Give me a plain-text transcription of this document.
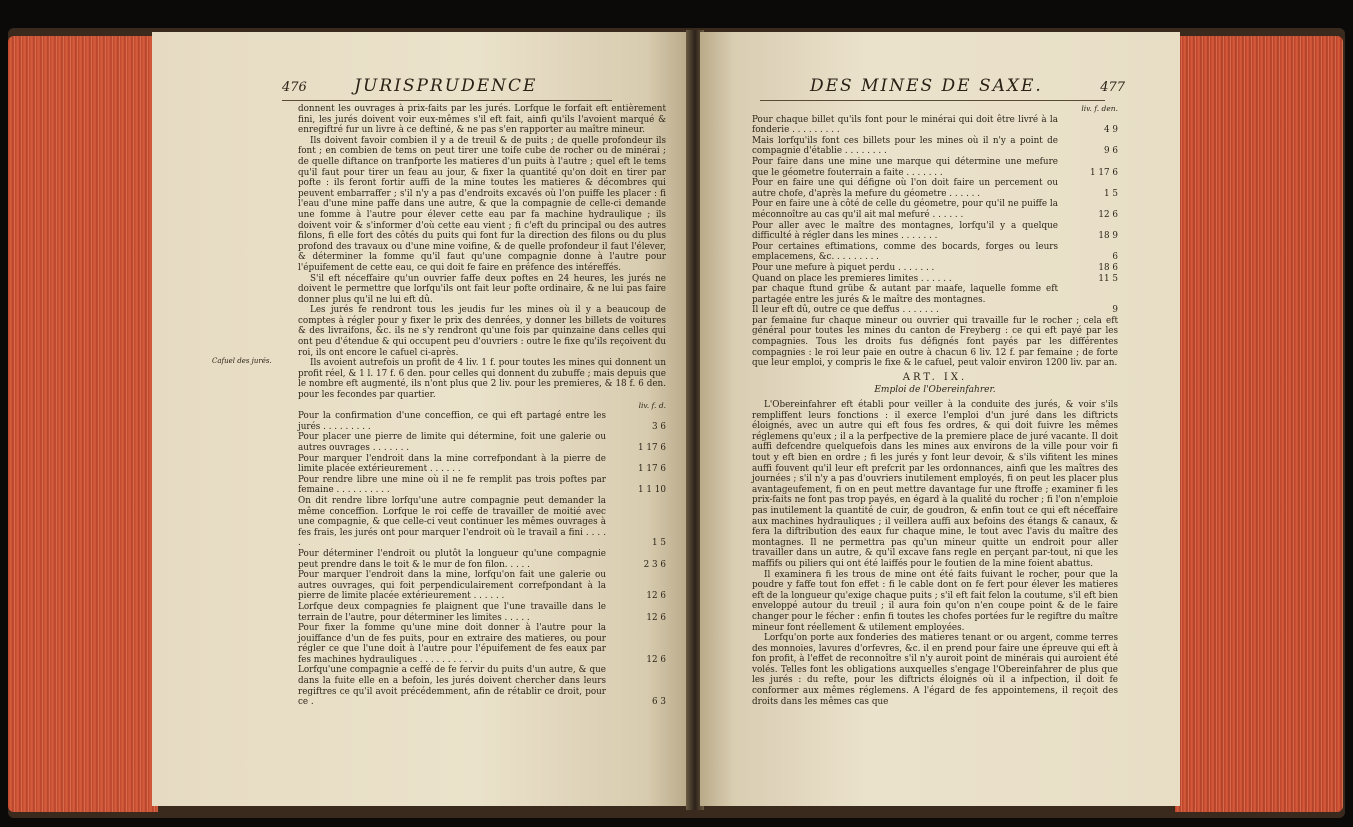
476	JURISPRUDENCE

donnent les ouvrages à prix-faits par les jurés. Lorfque le forfait eft entièrement fini, les jurés doivent voir eux-mêmes s'il eft fait, ainfi qu'ils l'avoient marqué & enregiftré fur un livre à ce deftiné, & ne pas s'en rapporter au maître mineur.

Ils doivent favoir combien il y a de treuil & de puits ; de quelle profondeur ils font ; en combien de tems on peut tirer une toife cube de rocher ou de minérai ; de quelle diftance on tranfporte les matieres d'un puits à l'autre ; quel eft le tems qu'il faut pour tirer un feau au jour, & fixer la quantité qu'on doit en tirer par pofte : ils feront fortir auffi de la mine toutes les matieres & décombres qui peuvent embarraffer ; s'il n'y a pas d'endroits excavés où l'on puiffe les placer : fi l'eau d'une mine paffe dans une autre, & que la compagnie de celle-ci demande une fomme à l'autre pour élever cette eau par fa machine hydraulique ; ils doivent voir & s'informer d'où cette eau vient ; fi c'eft du principal ou des autres filons, fi elle fort des côtés du puits qui font fur la direction des filons ou du plus profond des travaux ou d'une mine voifine, & de quelle profondeur il faut l'élever, & déterminer la fomme qu'il faut qu'une compagnie donne à l'autre pour l'épuifement de cette eau, ce qui doit fe faire en préfence des intéreffés.

S'il eft néceffaire qu'un ouvrier faffe deux poftes en 24 heures, les jurés ne doivent le permettre que lorfqu'ils ont fait leur pofte ordinaire, & ne lui pas faire donner plus qu'il ne lui eft dû.

Les jurés fe rendront tous les jeudis fur les mines où il y a beaucoup de comptes à régler pour y fixer le prix des denrées, y donner les billets de voitures & des livraifons, &c. ils ne s'y rendront qu'une fois par quinzaine dans celles qui ont peu d'étendue & qui occupent peu d'ouvriers : outre le fixe qu'ils reçoivent du roi, ils ont encore le cafuel ci-après.

Ils avoient autrefois un profit de 4 liv. 1 f. pour toutes les mines qui donnent un profit réel, & 1 l. 17 f. 6 den. pour celles qui donnent du zubuffe ; mais depuis que le nombre eft augmenté, ils n'ont plus que 2 liv. pour les premieres, & 18 f. 6 den. pour les fecondes par quartier.

liv. f. d.
Pour la confirmation d'une conceffion, ce qui eft partagé entre les jurés . . . . . . . . .	3 6
Pour placer une pierre de limite qui détermine, foit une galerie ou autres ouvrages . . . . . . .	1 17 6
Pour marquer l'endroit dans la mine correfpondant à la pierre de limite placée extérieurement . . . . . .	1 17 6
Pour rendre libre une mine où il ne fe remplit pas trois poftes par femaine . . . . . . . . . .	1 1 10
On dit rendre libre lorfqu'une autre compagnie peut demander la même conceffion. Lorfque le roi ceffe de travailler de moitié avec une compagnie, & que celle-ci veut continuer les mêmes ouvrages à fes frais, les jurés ont pour marquer l'endroit où le travail a fini . . . . .	1 5
Pour déterminer l'endroit ou plutôt la longueur qu'une compagnie peut prendre dans le toit & le mur de fon filon. . . . .	2 3 6
Pour marquer l'endroit dans la mine, lorfqu'on fait une galerie ou autres ouvrages, qui foit perpendiculairement correfpondant à la pierre de limite placée extérieurement . . . . . .	12 6
Lorfque deux compagnies fe plaignent que l'une travaille dans le terrain de l'autre, pour déterminer les limites . . . . .	12 6
Pour fixer la fomme qu'une mine doit donner à l'autre pour la jouiffance d'un de fes puits, pour en extraire des matieres, ou pour régler ce que l'une doit à l'autre pour l'épuifement de fes eaux par fes machines hydrauliques . . . . . . . . . .	12 6
Lorfqu'une compagnie a ceffé de fe fervir du puits d'un autre, & que dans la fuite elle en a befoin, les jurés doivent chercher dans leurs regiftres ce qu'il avoit précédemment, afin de rétablir ce droit, pour ce .	6 3
Cafuel des jurés.
DES MINES DE SAXE.	477
liv. f. den.
Pour chaque billet qu'ils font pour le minérai qui doit être livré à la fonderie . . . . . . . . .	4 9
Mais lorfqu'ils font ces billets pour les mines où il n'y a point de compagnie d'établie . . . . . . . .	9 6
Pour faire dans une mine une marque qui détermine une mefure que le géometre fouterrain a faite . . . . . . .	1 17 6
Pour en faire une qui défigne où l'on doit faire un percement ou autre chofe, d'après la mefure du géometre . . . . . .	1 5
Pour en faire une à côté de celle du géometre, pour qu'il ne puiffe la méconnoître au cas qu'il ait mal mefuré . . . . . .	12 6
Pour aller avec le maître des montagnes, lorfqu'il y a quelque difficulté à régler dans les mines . . . . . . .	18 9
Pour certaines eftimations, comme des bocards, forges ou leurs emplacemens, &c. . . . . . . . .	6
Pour une mefure à piquet perdu . . . . . . .	18 6
Quand on place les premieres limites . . . . . .	11 5
par chaque ftund grübe & autant par maafe, laquelle fomme eft partagée entre les jurés & le maître des montagnes.
Il leur eft dû, outre ce que deffus . . . . . . .	9

par femaine fur chaque mineur ou ouvrier qui travaille fur le rocher ; cela eft général pour toutes les mines du canton de Freyberg : ce qui eft payé par les compagnies. Tous les droits fus défignés font payés par les différentes compagnies : le roi leur paie en outre à chacun 6 liv. 12 f. par femaine ; de forte que leur emploi, y compris le fixe & le cafuel, peut valoir environ 1200 liv. par an.

ART. IX.
Emploi de l'Obereinfahrer.

L'Obereinfahrer eft établi pour veiller à la conduite des jurés, & voir s'ils rempliffent leurs fonctions : il exerce l'emploi d'un juré dans les diftricts éloignés, avec un autre qui eft fous fes ordres, & qui doit fuivre les mêmes réglemens qu'eux ; il a la perfpective de la premiere place de juré vacante. Il doit auffi defcendre quelquefois dans les mines aux environs de la ville pour voir fi tout y eft bien en ordre ; fi les jurés y font leur devoir, & s'ils vifitent les mines auffi fouvent qu'il leur eft prefcrit par les ordonnances, ainfi que les maîtres des journées ; s'il n'y a pas d'ouvriers inutilement employés, fi on peut les placer plus avantageufement, fi on en peut mettre davantage fur une ftroffe ; examiner fi les prix-faits ne font pas trop payés, en égard à la qualité du rocher ; fi l'on n'emploie pas inutilement la quantité de cuir, de goudron, & enfin tout ce qui eft néceffaire aux machines hydrauliques ; il veillera auffi aux befoins des étangs & canaux, & fera la diftribution des eaux fur chaque mine, le tout avec l'avis du maître des montagnes. Il ne permettra pas qu'un mineur quitte un endroit pour aller travailler dans un autre, & qu'il excave fans regle en perçant par-tout, ni que les maffifs ou piliers qui ont été laiffés pour le foutien de la mine foient abattus.

Il examinera fi les trous de mine ont été faits fuivant le rocher, pour que la poudre y faffe tout fon effet : fi le cable dont on fe fert pour élever les matieres eft de la longueur qu'exige chaque puits ; s'il eft fait felon la coutume, s'il eft bien enveloppé autour du treuil ; il aura foin qu'on n'en coupe point & de le faire changer pour le fécher : enfin fi toutes les chofes portées fur le regiftre du maître mineur font réellement & utilement employées.

Lorfqu'on porte aux fonderies des matieres tenant or ou argent, comme terres des monnoies, lavures d'orfevres, &c. il en prend pour faire une épreuve qui eft à fon profit, à l'effet de reconnoître s'il n'y auroit point de minérais qui auroient été volés. Telles font les obligations auxquelles s'engage l'Obereinfahrer de plus que les jurés : du refte, pour les diftricts éloignés où il a infpection, il doit fe conformer aux mêmes réglemens. A l'égard de fes appointemens, il reçoit des droits dans les mêmes cas que
